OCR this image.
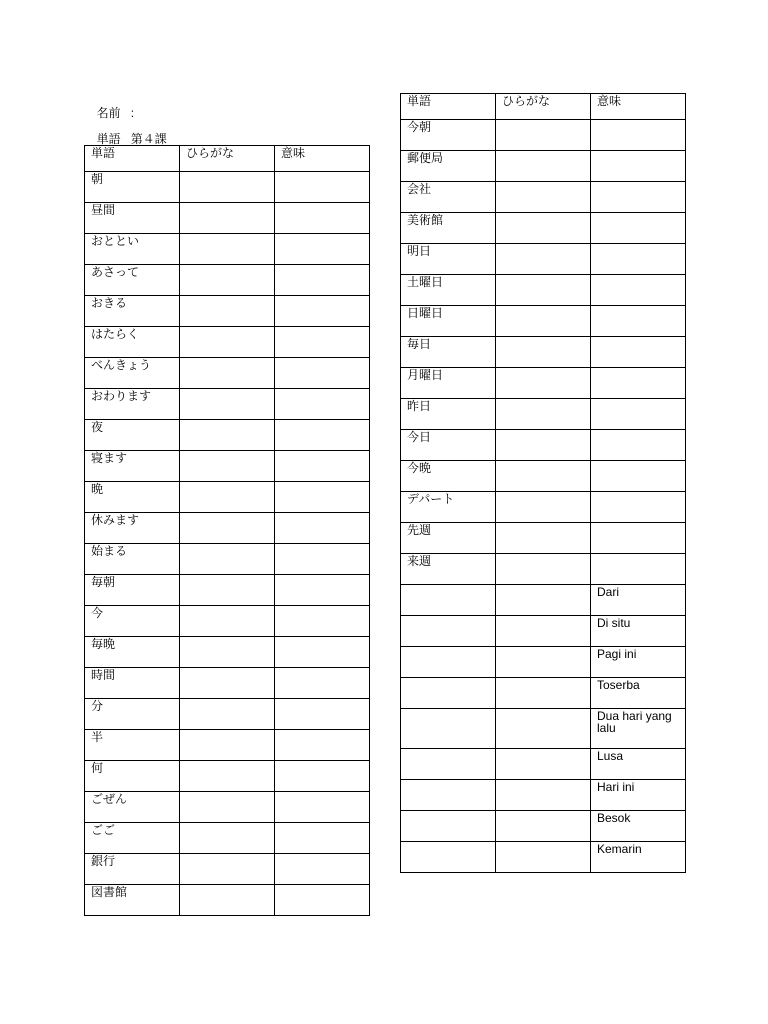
名前 :

単語 第４課

単語	ひらがな	意味
朝		
昼間		
おととい		
あさって		
おきる		
はたらく		
べんきょう		
おわります		
夜		
寝ます		
晩		
休みます		
始まる		
毎朝		
今		
毎晩		
時間		
分		
半		
何		
ごぜん		
ごご		
銀行		
図書館		
単語	ひらがな	意味
今朝		
郵便局		
会社		
美術館		
明日		
土曜日		
日曜日		
毎日		
月曜日		
昨日		
今日		
今晩		
デパート		
先週		
来週		
		Dari
		Di situ
		Pagi ini
		Toserba
		Dua hari yang lalu
		Lusa
		Hari ini
		Besok
		Kemarin
